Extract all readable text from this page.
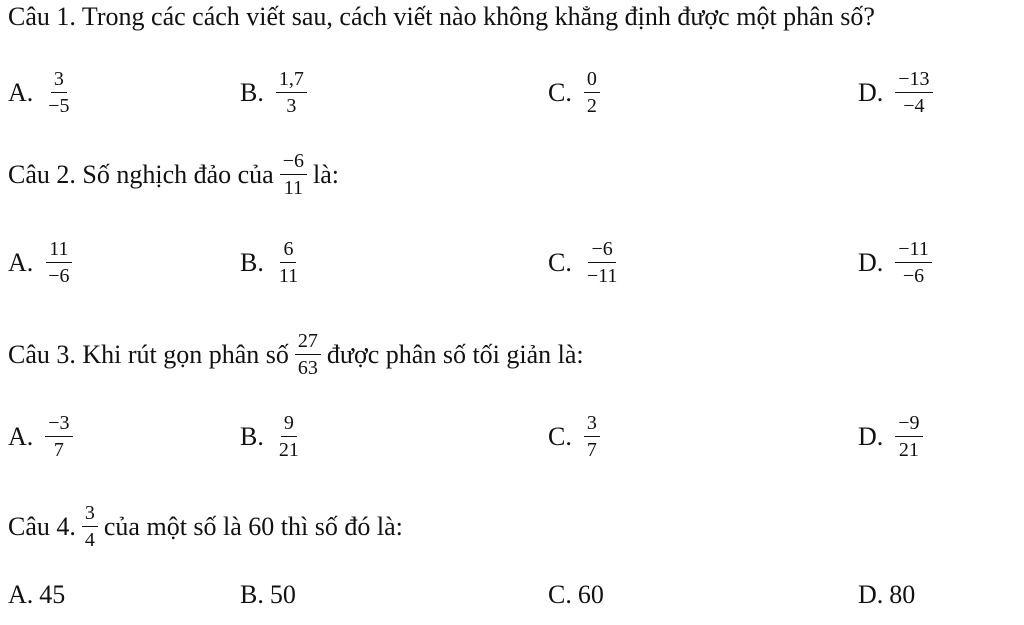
Câu 1. Trong các cách viết sau, cách viết nào không khẳng định được một phân số?
A. $\frac{3}{-5}$	B. $\frac{1,7}{3}$	C. $\frac{0}{2}$	D. $\frac{-13}{-4}$
Câu 2. Số nghịch đảo của $\frac{-6}{11}$ là:
A. $\frac{11}{-6}$	B. $\frac{6}{11}$	C. $\frac{-6}{-11}$	D. $\frac{-11}{-6}$
Câu 3. Khi rút gọn phân số $\frac{27}{63}$ được phân số tối giản là:
A. $\frac{-3}{7}$	B. $\frac{9}{21}$	C. $\frac{3}{7}$	D. $\frac{-9}{21}$
Câu 4. $\frac{3}{4}$ của một số là 60 thì số đó là:
A. 45	B. 50	C. 60	D. 80
